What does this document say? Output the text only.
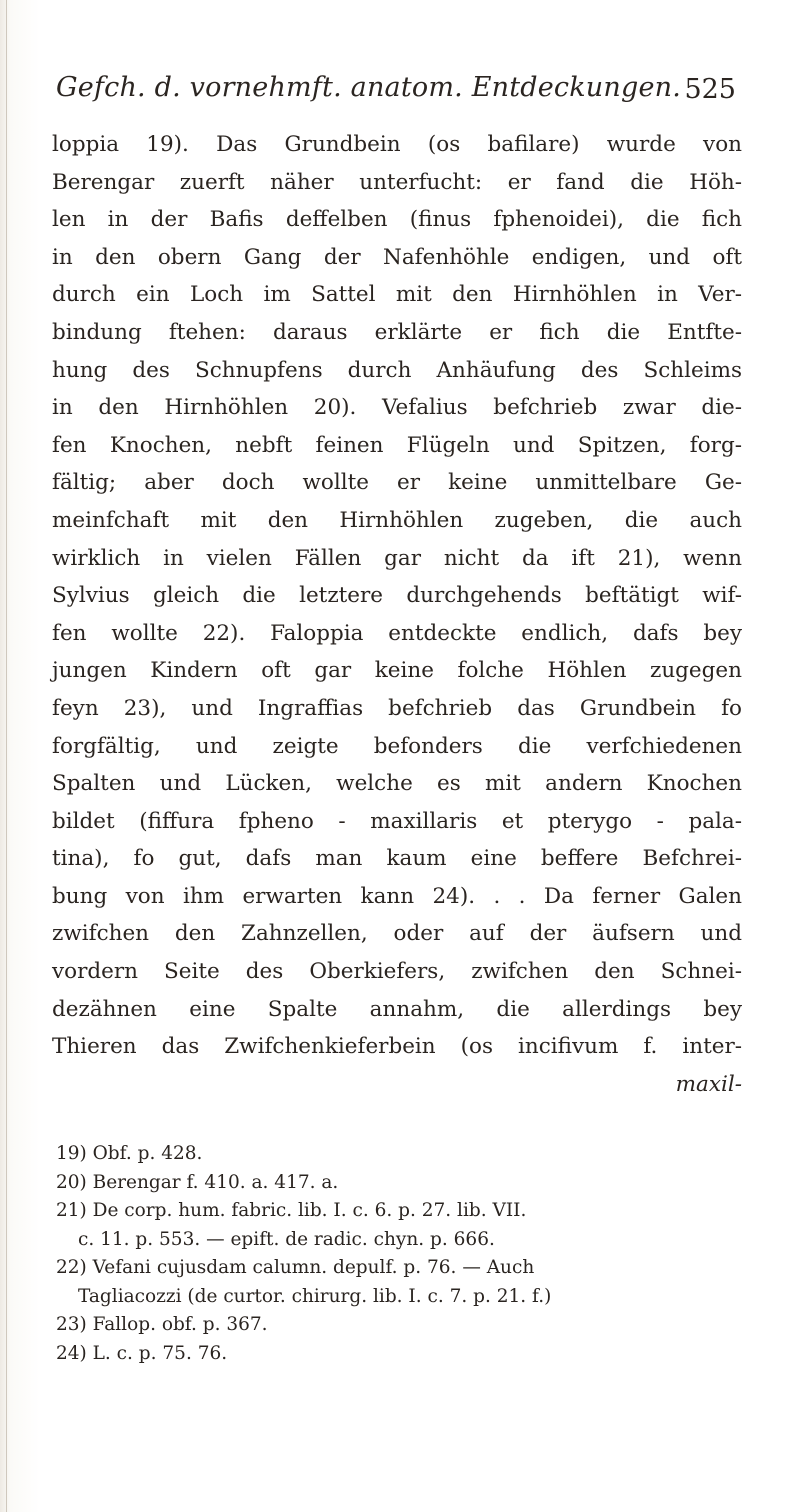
Gefch. d. vornehmft. anatom. Entdeckungen. 525
loppia 19). Das Grundbein (os bafilare) wurde von
Berengar zuerft näher unterfucht: er fand die Höh-
len in der Bafis deffelben (finus fphenoidei), die fich
in den obern Gang der Nafenhöhle endigen, und oft
durch ein Loch im Sattel mit den Hirnhöhlen in Ver-
bindung ftehen: daraus erklärte er fich die Entfte-
hung des Schnupfens durch Anhäufung des Schleims
in den Hirnhöhlen 20). Vefalius befchrieb zwar die-
fen Knochen, nebft feinen Flügeln und Spitzen, forg-
fältig; aber doch wollte er keine unmittelbare Ge-
meinfchaft mit den Hirnhöhlen zugeben, die auch
wirklich in vielen Fällen gar nicht da ift 21), wenn
Sylvius gleich die letztere durchgehends beftätigt wif-
fen wollte 22). Faloppia entdeckte endlich, dafs bey
jungen Kindern oft gar keine folche Höhlen zugegen
feyn 23), und Ingraffias befchrieb das Grundbein fo
forgfältig, und zeigte befonders die verfchiedenen
Spalten und Lücken, welche es mit andern Knochen
bildet (fiffura fpheno - maxillaris et pterygo - pala-
tina), fo gut, dafs man kaum eine beffere Befchrei-
bung von ihm erwarten kann 24). . . Da ferner Galen
zwifchen den Zahnzellen, oder auf der äufsern und
vordern Seite des Oberkiefers, zwifchen den Schnei-
dezähnen eine Spalte annahm, die allerdings bey
Thieren das Zwifchenkieferbein (os incifivum f. inter-
maxil-
19) Obf. p. 428.
20) Berengar f. 410. a. 417. a.
21) De corp. hum. fabric. lib. I. c. 6. p. 27. lib. VII.
c. 11. p. 553. — epift. de radic. chyn. p. 666.
22) Vefani cujusdam calumn. depulf. p. 76. — Auch
Tagliacozzi (de curtor. chirurg. lib. I. c. 7. p. 21. f.)
23) Fallop. obf. p. 367.
24) L. c. p. 75. 76.
